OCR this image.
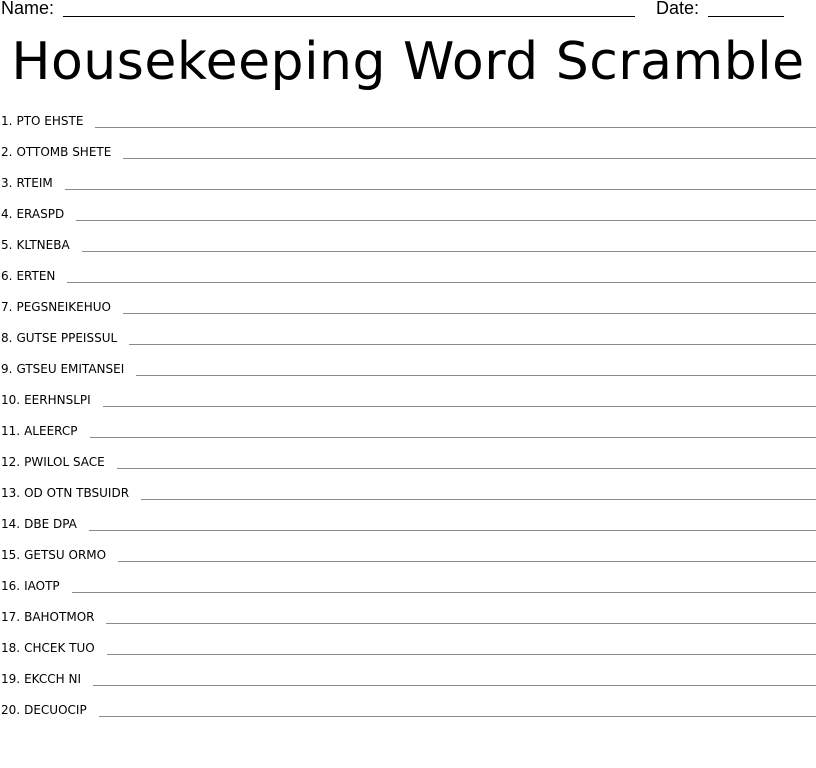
Name:	Date:
Housekeeping Word Scramble
1. PTO EHSTE
2. OTTOMB SHETE
3. RTEIM
4. ERASPD
5. KLTNEBA
6. ERTEN
7. PEGSNEIKEHUO
8. GUTSE PPEISSUL
9. GTSEU EMITANSEI
10. EERHNSLPI
11. ALEERCP
12. PWILOL SACE
13. OD OTN TBSUIDR
14. DBE DPA
15. GETSU ORMO
16. IAOTP
17. BAHOTMOR
18. CHCEK TUO
19. EKCCH NI
20. DECUOCIP
